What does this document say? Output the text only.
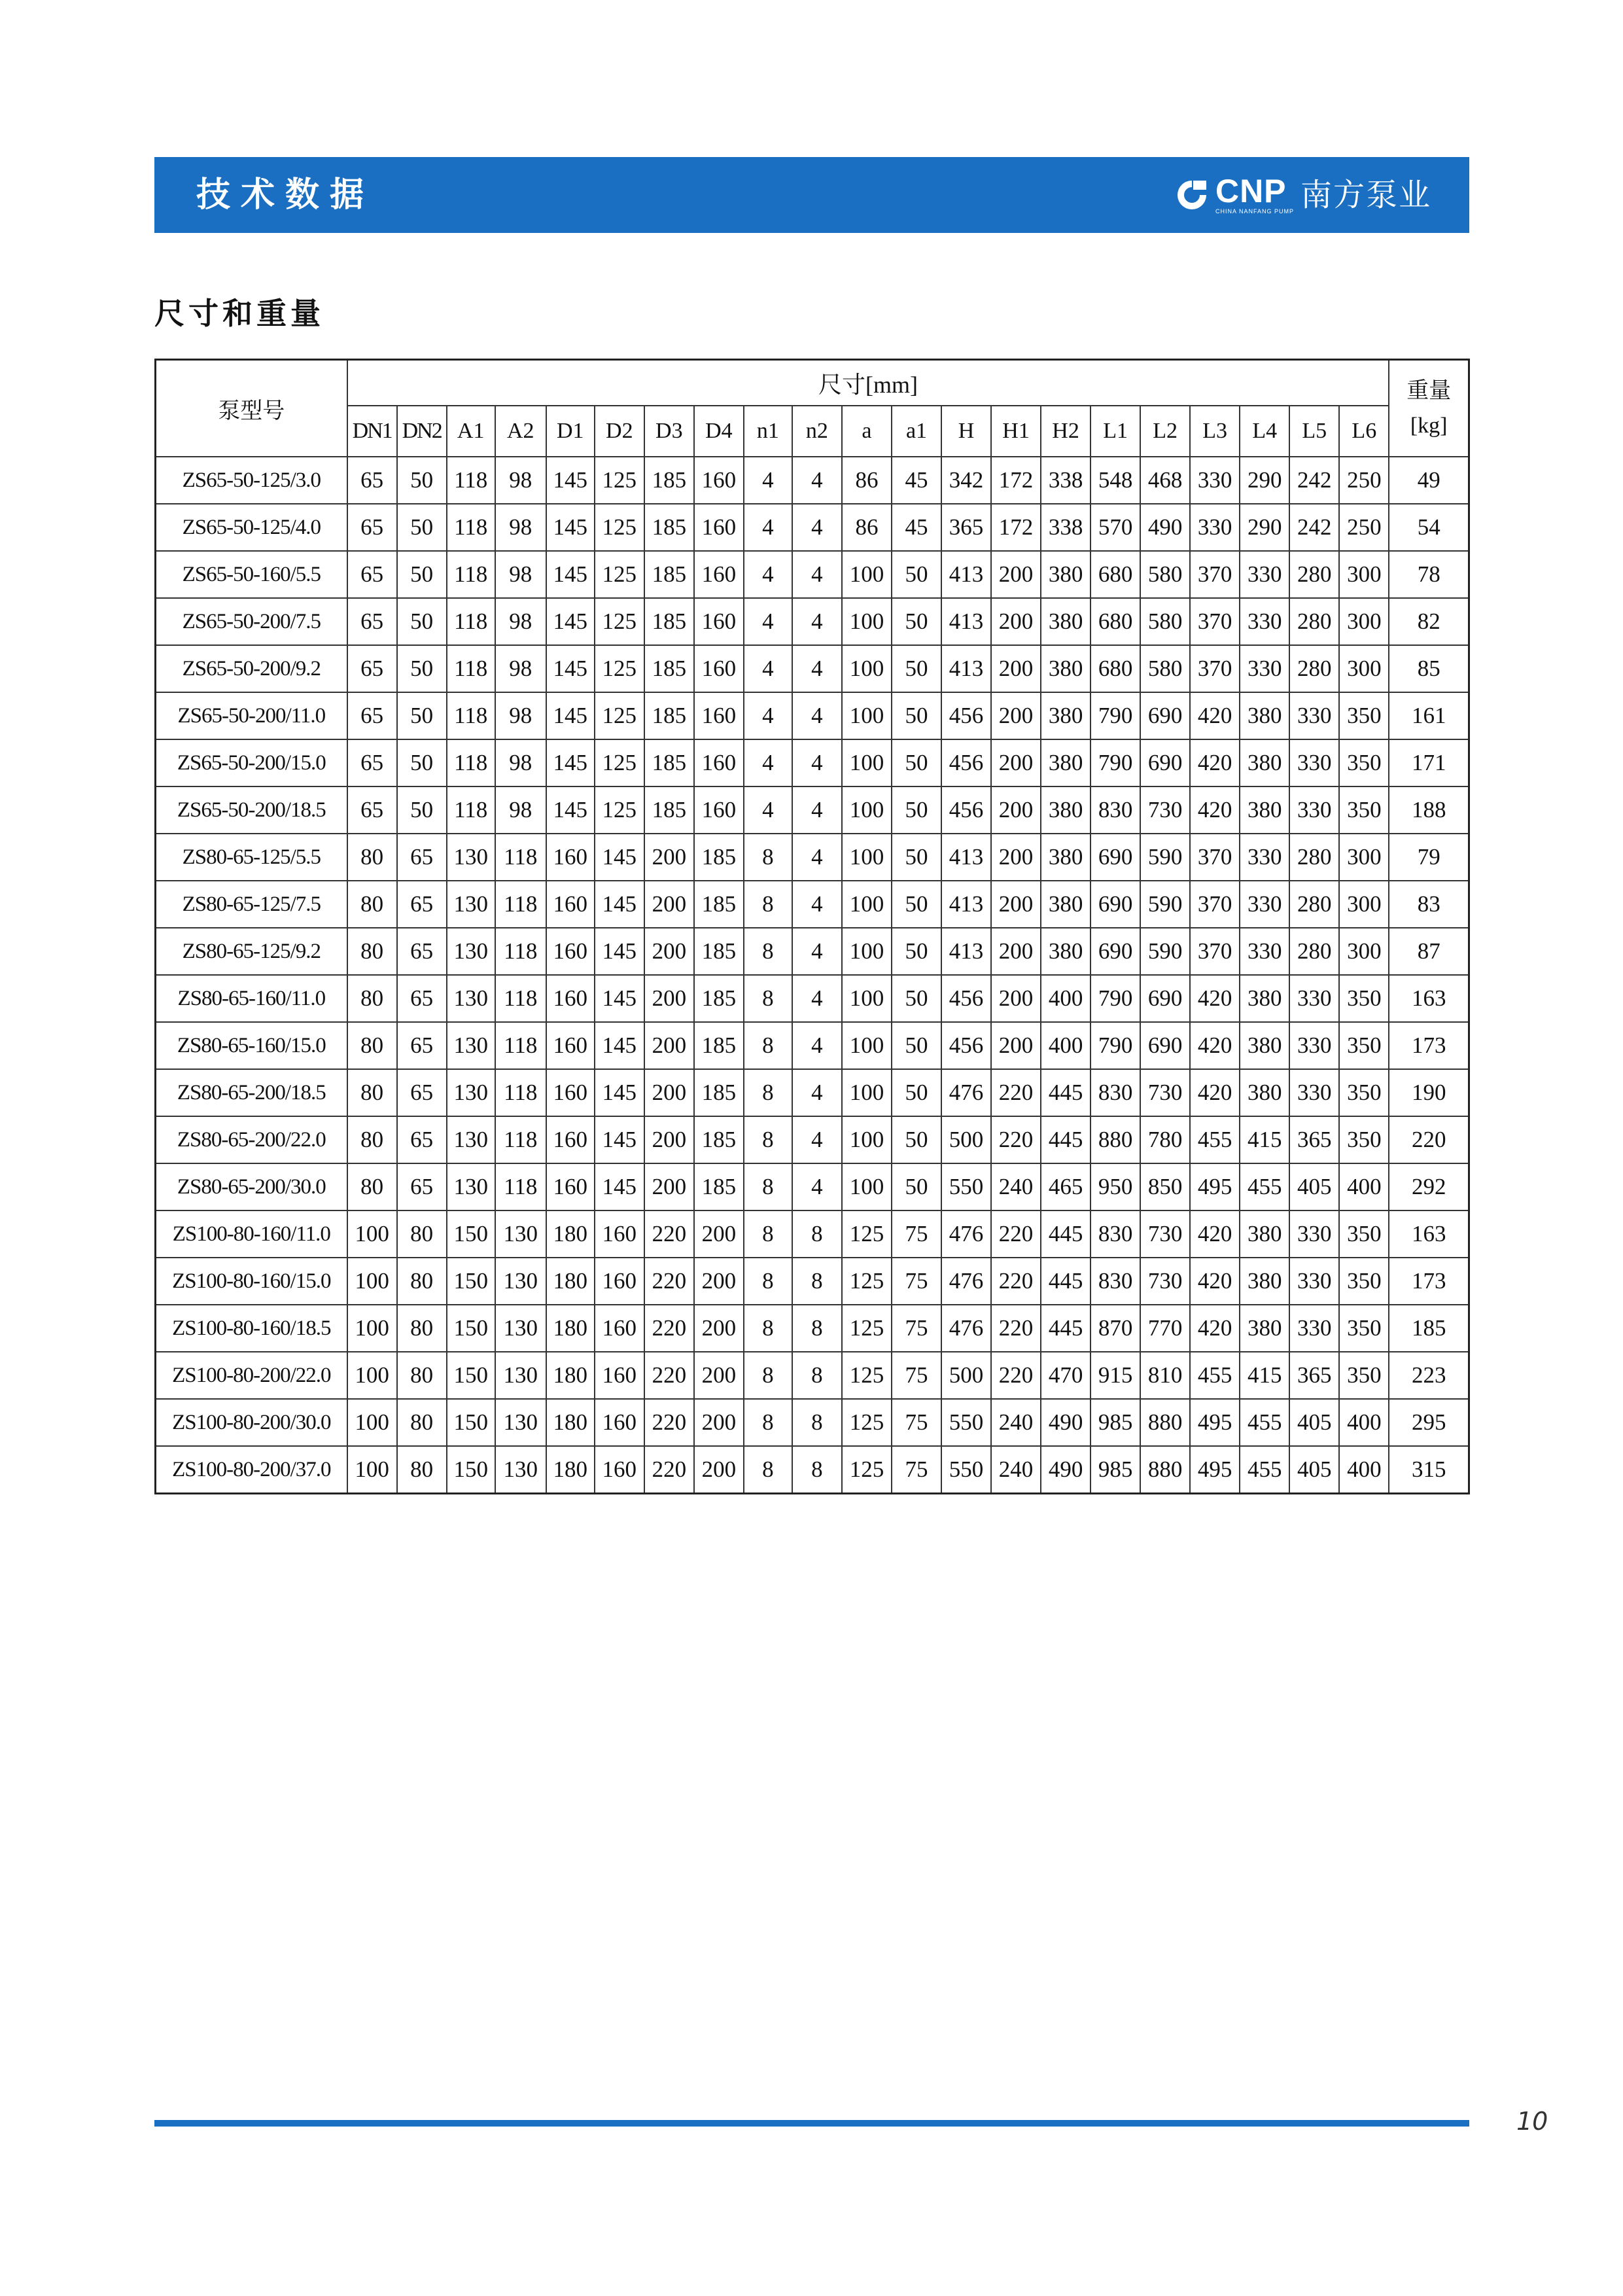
技术数据	CNP
CHINA NANFANG PUMP 南方泵业
尺寸和重量
泵型号	尺寸[mm]																					重量
[kg]

	DN1	DN2	A1	A2	D1	D2	D3	D4	n1	n2	a	a1	H	H1	H2	L1	L2	L3	L4	L5	L6	
ZS65-50-125/3.0	65	50	118	98	145	125	185	160	4	4	86	45	342	172	338	548	468	330	290	242	250	49
ZS65-50-125/4.0	65	50	118	98	145	125	185	160	4	4	86	45	365	172	338	570	490	330	290	242	250	54
ZS65-50-160/5.5	65	50	118	98	145	125	185	160	4	4	100	50	413	200	380	680	580	370	330	280	300	78
ZS65-50-200/7.5	65	50	118	98	145	125	185	160	4	4	100	50	413	200	380	680	580	370	330	280	300	82
ZS65-50-200/9.2	65	50	118	98	145	125	185	160	4	4	100	50	413	200	380	680	580	370	330	280	300	85
ZS65-50-200/11.0	65	50	118	98	145	125	185	160	4	4	100	50	456	200	380	790	690	420	380	330	350	161
ZS65-50-200/15.0	65	50	118	98	145	125	185	160	4	4	100	50	456	200	380	790	690	420	380	330	350	171
ZS65-50-200/18.5	65	50	118	98	145	125	185	160	4	4	100	50	456	200	380	830	730	420	380	330	350	188
ZS80-65-125/5.5	80	65	130	118	160	145	200	185	8	4	100	50	413	200	380	690	590	370	330	280	300	79
ZS80-65-125/7.5	80	65	130	118	160	145	200	185	8	4	100	50	413	200	380	690	590	370	330	280	300	83
ZS80-65-125/9.2	80	65	130	118	160	145	200	185	8	4	100	50	413	200	380	690	590	370	330	280	300	87
ZS80-65-160/11.0	80	65	130	118	160	145	200	185	8	4	100	50	456	200	400	790	690	420	380	330	350	163
ZS80-65-160/15.0	80	65	130	118	160	145	200	185	8	4	100	50	456	200	400	790	690	420	380	330	350	173
ZS80-65-200/18.5	80	65	130	118	160	145	200	185	8	4	100	50	476	220	445	830	730	420	380	330	350	190
ZS80-65-200/22.0	80	65	130	118	160	145	200	185	8	4	100	50	500	220	445	880	780	455	415	365	350	220
ZS80-65-200/30.0	80	65	130	118	160	145	200	185	8	4	100	50	550	240	465	950	850	495	455	405	400	292
ZS100-80-160/11.0	100	80	150	130	180	160	220	200	8	8	125	75	476	220	445	830	730	420	380	330	350	163
ZS100-80-160/15.0	100	80	150	130	180	160	220	200	8	8	125	75	476	220	445	830	730	420	380	330	350	173
ZS100-80-160/18.5	100	80	150	130	180	160	220	200	8	8	125	75	476	220	445	870	770	420	380	330	350	185
ZS100-80-200/22.0	100	80	150	130	180	160	220	200	8	8	125	75	500	220	470	915	810	455	415	365	350	223
ZS100-80-200/30.0	100	80	150	130	180	160	220	200	8	8	125	75	550	240	490	985	880	495	455	405	400	295
ZS100-80-200/37.0	100	80	150	130	180	160	220	200	8	8	125	75	550	240	490	985	880	495	455	405	400	315
10
